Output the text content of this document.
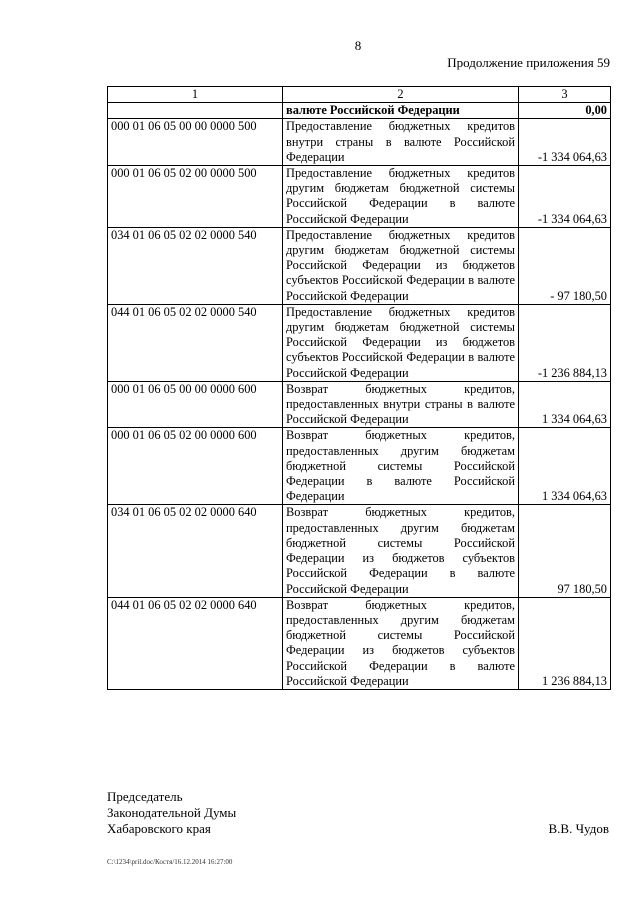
8
Продолжение приложения 59
1	2	3
	валюте Российской Федерации	0,00
000 01 06 05 00 00 0000 500	Предоставление бюджетных кредитов внутри страны в валюте Российской Федерации	-1 334 064,63
000 01 06 05 02 00 0000 500	Предоставление бюджетных кредитов другим бюджетам бюджетной системы Российской Федерации в валюте Российской Федерации	-1 334 064,63
034 01 06 05 02 02 0000 540	Предоставление бюджетных кредитов другим бюджетам бюджетной системы Российской Федерации из бюджетов субъектов Российской Федерации в валюте Российской Федерации	- 97 180,50
044 01 06 05 02 02 0000 540	Предоставление бюджетных кредитов другим бюджетам бюджетной системы Российской Федерации из бюджетов субъектов Российской Федерации в валюте Российской Федерации	-1 236 884,13
000 01 06 05 00 00 0000 600	Возврат бюджетных кредитов, предоставленных внутри страны в валюте Российской Федерации	1 334 064,63
000 01 06 05 02 00 0000 600	Возврат бюджетных кредитов, предоставленных другим бюджетам бюджетной системы Российской Федерации в валюте Российской Федерации	1 334 064,63
034 01 06 05 02 02 0000 640	Возврат бюджетных кредитов, предоставленных другим бюджетам бюджетной системы Российской Федерации из бюджетов субъектов Российской Федерации в валюте Российской Федерации	97 180,50
044 01 06 05 02 02 0000 640	Возврат бюджетных кредитов, предоставленных другим бюджетам бюджетной системы Российской Федерации из бюджетов субъектов Российской Федерации в валюте Российской Федерации	1 236 884,13
Председатель
Законодательной Думы
Хабаровского края	В.В. Чудов
C:\1234\pril.doc/Костя/16.12.2014 16:27:00
